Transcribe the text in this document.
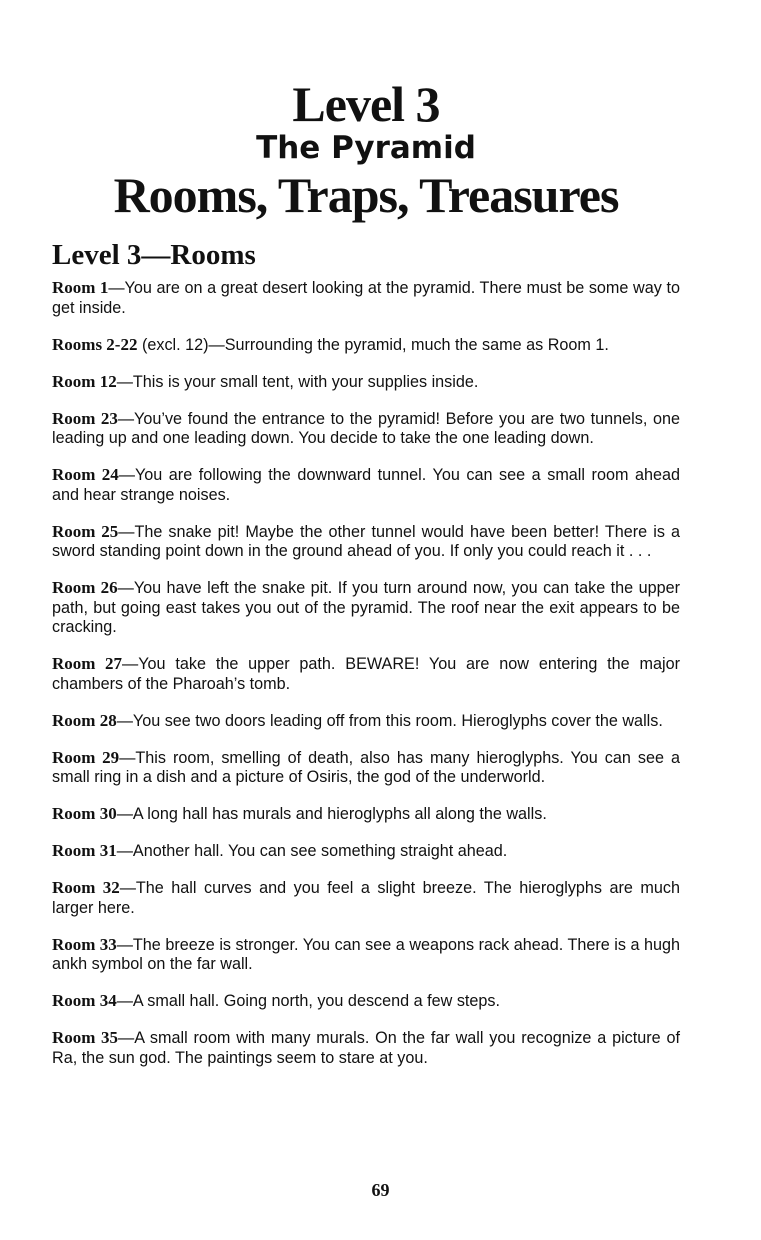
Level 3
The Pyramid
Rooms, Traps, Treasures
Level 3—Rooms

Room 1—You are on a great desert looking at the pyramid. There must be some way to get inside.

Rooms 2-22 (excl. 12)—Surrounding the pyramid, much the same as Room 1.

Room 12—This is your small tent, with your supplies inside.

Room 23—You’ve found the entrance to the pyramid! Before you are two tunnels, one leading up and one leading down. You decide to take the one leading down.

Room 24—You are following the downward tunnel. You can see a small room ahead and hear strange noises.

Room 25—The snake pit! Maybe the other tunnel would have been better! There is a sword standing point down in the ground ahead of you. If only you could reach it . . .

Room 26—You have left the snake pit. If you turn around now, you can take the upper path, but going east takes you out of the pyramid. The roof near the exit appears to be cracking.

Room 27—You take the upper path. BEWARE! You are now entering the major chambers of the Pharoah’s tomb.

Room 28—You see two doors leading off from this room. Hieroglyphs cover the walls.

Room 29—This room, smelling of death, also has many hieroglyphs. You can see a small ring in a dish and a picture of Osiris, the god of the underworld.

Room 30—A long hall has murals and hieroglyphs all along the walls.

Room 31—Another hall. You can see something straight ahead.

Room 32—The hall curves and you feel a slight breeze. The hieroglyphs are much larger here.

Room 33—The breeze is stronger. You can see a weapons rack ahead. There is a hugh ankh symbol on the far wall.

Room 34—A small hall. Going north, you descend a few steps.

Room 35—A small room with many murals. On the far wall you recognize a picture of Ra, the sun god. The paintings seem to stare at you.

69
